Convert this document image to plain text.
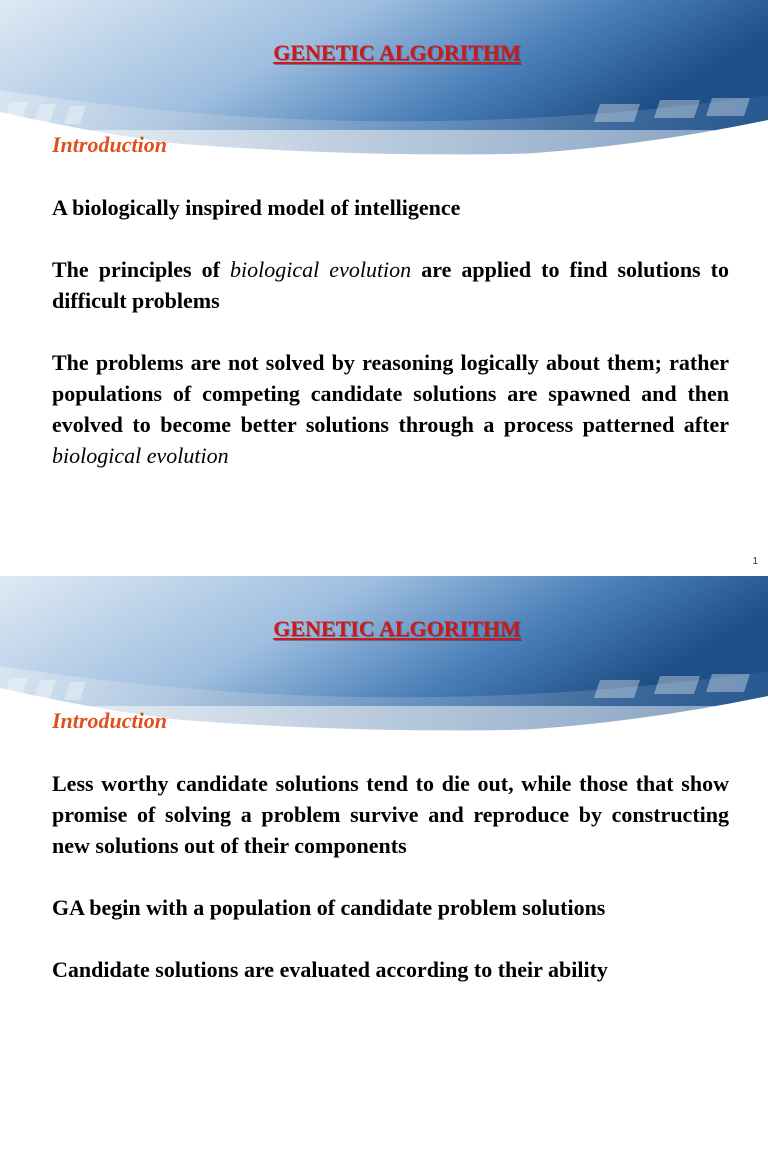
GENETIC ALGORITHM
Introduction

A biologically inspired model of intelligence

The principles of biological evolution are applied to find solutions to difficult problems

The problems are not solved by reasoning logically about them; rather populations of competing candidate solutions are spawned and then evolved to become better solutions through a process patterned after biological evolution

1
GENETIC ALGORITHM
Introduction

Less worthy candidate solutions tend to die out, while those that show promise of solving a problem survive and reproduce by constructing new solutions out of their components

GA begin with a population of candidate problem solutions

Candidate solutions are evaluated according to their ability
